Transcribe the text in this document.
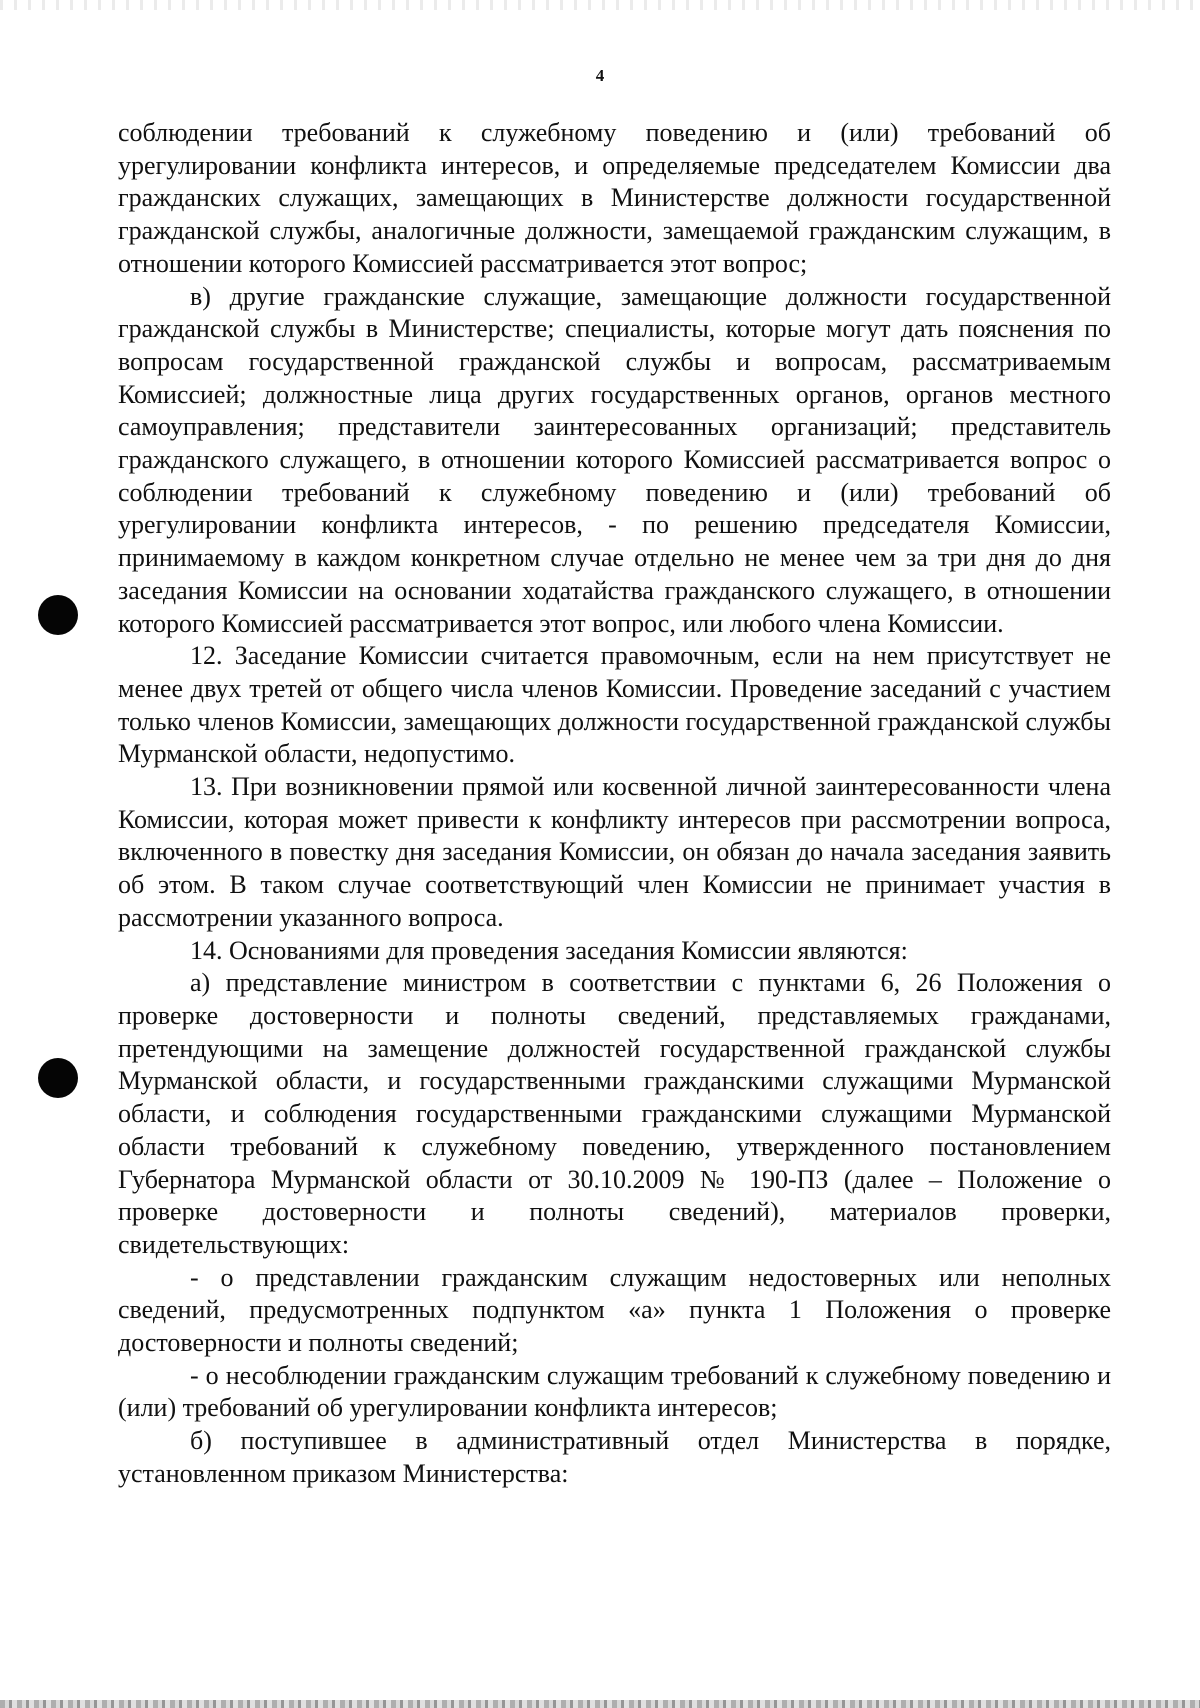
4

соблюдении требований к служебному поведению и (или) требований об урегулировании конфликта интересов, и определяемые председателем Комиссии два гражданских служащих, замещающих в Министерстве должности государственной гражданской службы, аналогичные должности, замещаемой гражданским служащим, в отношении которого Комиссией рассматривается этот вопрос;

в) другие гражданские служащие, замещающие должности государственной гражданской службы в Министерстве; специалисты, которые могут дать пояснения по вопросам государственной гражданской службы и вопросам, рассматриваемым Комиссией; должностные лица других государственных органов, органов местного самоуправления; представители заинтересованных организаций; представитель гражданского служащего, в отношении которого Комиссией рассматривается вопрос о соблюдении требований к служебному поведению и (или) требований об урегулировании конфликта интересов, - по решению председателя Комиссии, принимаемому в каждом конкретном случае отдельно не менее чем за три дня до дня заседания Комиссии на основании ходатайства гражданского служащего, в отношении которого Комиссией рассматривается этот вопрос, или любого члена Комиссии.

12. Заседание Комиссии считается правомочным, если на нем присутствует не менее двух третей от общего числа членов Комиссии. Проведение заседаний с участием только членов Комиссии, замещающих должности государственной гражданской службы Мурманской области, недопустимо.

13. При возникновении прямой или косвенной личной заинтересованности члена Комиссии, которая может привести к конфликту интересов при рассмотрении вопроса, включенного в повестку дня заседания Комиссии, он обязан до начала заседания заявить об этом. В таком случае соответствующий член Комиссии не принимает участия в рассмотрении указанного вопроса.

14. Основаниями для проведения заседания Комиссии являются:

а) представление министром в соответствии с пунктами 6, 26 Положения о проверке достоверности и полноты сведений, представляемых гражданами, претендующими на замещение должностей государственной гражданской службы Мурманской области, и государственными гражданскими служащими Мурманской области, и соблюдения государственными гражданскими служащими Мурманской области требований к служебному поведению, утвержденного постановлением Губернатора Мурманской области от 30.10.2009 № 190-ПЗ (далее – Положение о проверке достоверности и полноты сведений), материалов проверки, свидетельствующих:

- о представлении гражданским служащим недостоверных или неполных сведений, предусмотренных подпунктом «а» пункта 1 Положения о проверке достоверности и полноты сведений;

- о несоблюдении гражданским служащим требований к служебному поведению и (или) требований об урегулировании конфликта интересов;

б) поступившее в административный отдел Министерства в порядке, установленном приказом Министерства:
